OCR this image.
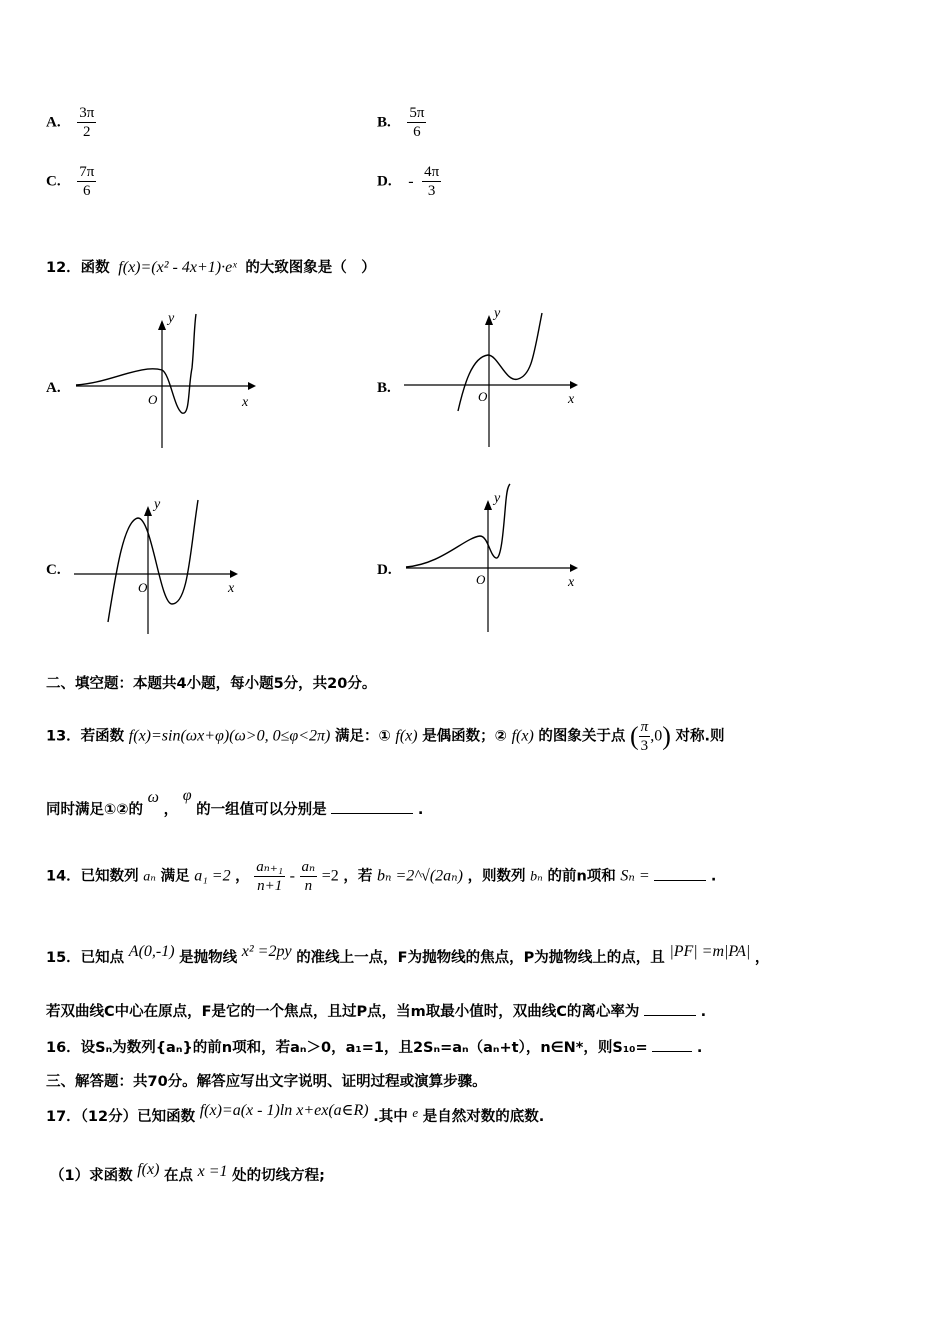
A. $\frac{3\pi}{2}$	B. $\frac{5\pi}{6}$
C. $\frac{7\pi}{6}$	D. - $\frac{4\pi}{3}$
12．函数 f(x)=(x² - 4x+1)·eˣ 的大致图象是（　）
A.
y
x
O
B.
y
x
O
C.
y
x
O
D.
y
x
O
二、填空题：本题共4小题，每小题5分，共20分。
13．若函数 f(x)=sin(ωx+φ)(ω>0, 0≤φ<2π) 满足：① f(x) 是偶函数；② f(x) 的图象关于点 ( $\frac{\pi}{3} ,0$) 对称.则
同时满足①②的 ω ， φ 的一组值可以分别是	.
14．已知数列 aₙ 满足 a₁ =2 ， $\frac{\text{aₙ₊₁}}{n+1} - \frac{\text{aₙ}}{n} =2$ ，若 bₙ =2^√(2aₙ) ，则数列 bₙ 的前n项和 Sₙ =	.
15．已知点 A(0,-1) 是抛物线 x² =2py 的准线上一点，F为抛物线的焦点，P为抛物线上的点，且 |PF| =m|PA| ，
若双曲线C中心在原点，F是它的一个焦点，且过P点，当m取最小值时，双曲线C的离心率为	.
16．设Sₙ为数列{aₙ}的前n项和，若aₙ＞0，a₁=1，且2Sₙ=aₙ（aₙ+t），n∈N*，则S₁₀=	.
三、解答题：共70分。解答应写出文字说明、证明过程或演算步骤。
17．（12分）已知函数 f(x)=a(x - 1)ln x+ex(a∈R) .其中 e 是自然对数的底数.
（1）求函数 f(x) 在点 x =1 处的切线方程;
